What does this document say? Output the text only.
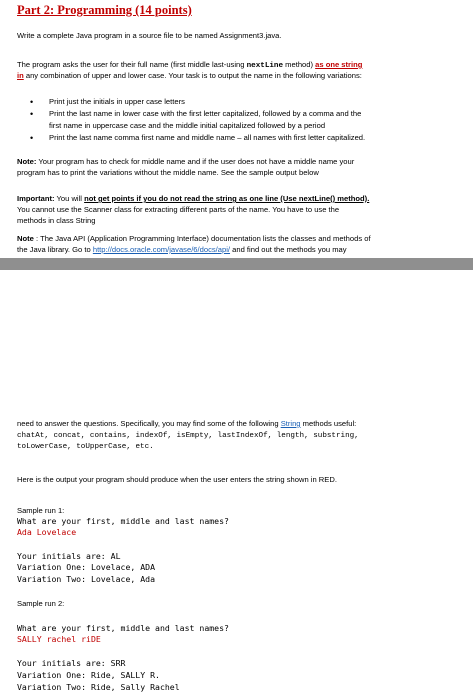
Part 2: Programming (14 points)
Write a complete Java program in a source file to be named Assignment3.java.
The program asks the user for their full name (first middle last-using nextLine method) as one string
in any combination of upper and lower case. Your task is to output the name in the following variations:
• Print just the initials in upper case letters
• Print the last name in lower case with the first letter capitalized, followed by a comma and the
first name in uppercase case and the middle initial capitalized followed by a period
• Print the last name comma first name and middle name – all names with first letter capitalized.
Note: Your program has to check for middle name and if the user does not have a middle name your
program has to print the variations without the middle name. See the sample output below
Important: You will not get points if you do not read the string as one line (Use nextLine() method).
You cannot use the Scanner class for extracting different parts of the name. You have to use the
methods in class String
Note : The Java API (Application Programming Interface) documentation lists the classes and methods of
the Java library. Go to http://docs.oracle.com/javase/6/docs/api/ and find out the methods you may
need to answer the questions. Specifically, you may find some of the following String methods useful:
chatAt, concat, contains, indexOf, isEmpty, lastIndexOf, length, substring,
toLowerCase, toUpperCase, etc.
Here is the output your program should produce when the user enters the string shown in RED.
Sample run 1:
What are your first, middle and last names?
Ada Lovelace
Your initials are: AL
Variation One: Lovelace, ADA
Variation Two: Lovelace, Ada
Sample run 2:
What are your first, middle and last names?
SALLY rachel riDE
Your initials are: SRR
Variation One: Ride, SALLY R.
Variation Two: Ride, Sally Rachel
